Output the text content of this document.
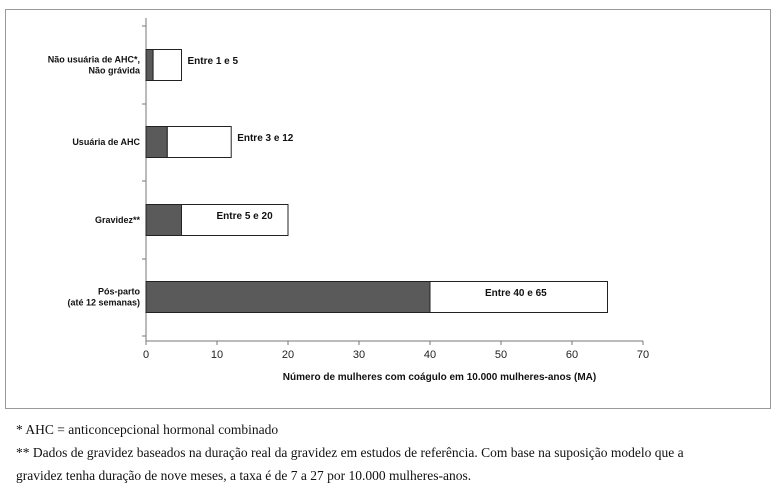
0	10	20	30	40	50	60	70
Não usuária de AHC*,
Não grávida
Entre 1 e 5
Usuária de AHC	Entre 3 e 12
Gravidez**	Entre 5 e 20
Pós-parto
(até 12 semanas)
Entre 40 e 65
Número de mulheres com coágulo em 10.000 mulheres-anos (MA)

* AHC = anticoncepcional hormonal combinado

** Dados de gravidez baseados na duração real da gravidez em estudos de referência. Com base na suposição modelo que a

gravidez tenha duração de nove meses, a taxa é de 7 a 27 por 10.000 mulheres-anos.
